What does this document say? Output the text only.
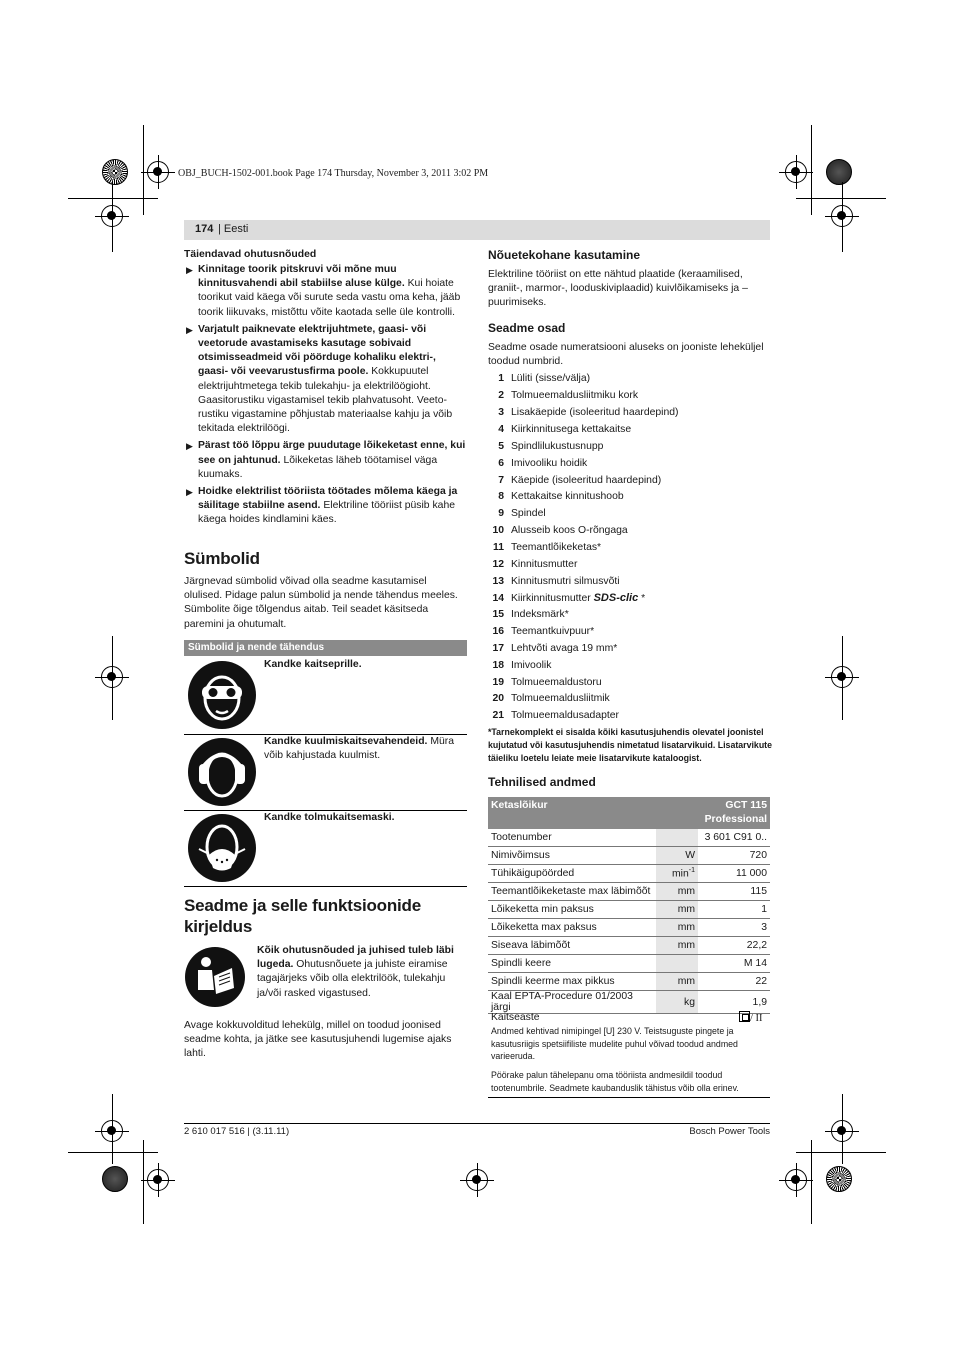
OBJ_BUCH-1502-001.book Page 174 Thursday, November 3, 2011 3:02 PM
174 | Eesti
Täiendavad ohutusnõuded
▶ Kinnitage toorik pitskruvi või mõne muu kinnitusvahendi abil stabiilse aluse külge. Kui hoiate toorikut vaid käega või surute seda vastu oma keha, jääb toorik liikuvaks, mistõttu võite kaotada selle üle kontrolli.
▶ Varjatult paiknevate elektrijuhtmete, gaasi- või veetorude avastamiseks kasutage sobivaid otsimisseadmeid või pöörduge kohaliku elektri-, gaasi- või veevarustusfirma poole. Kokkupuutel elektrijuhtmetega tekib tulekahju- ja elektrilöögioht. Gaasitorustiku vigastamisel tekib plahvatusoht. Veeto-rustiku vigastamine põhjustab materiaalse kahju ja võib tekitada elektrilöögi.
▶ Pärast töö lõppu ärge puudutage lõikeketast enne, kui see on jahtunud. Lõikeketas läheb töötamisel väga kuumaks.
▶ Hoidke elektrilist tööriista töötades mõlema käega ja säilitage stabiilne asend. Elektriline tööriist püsib kahe käega hoides kindlamini käes.
Sümbolid
Järgnevad sümbolid võivad olla seadme kasutamisel olulised. Pidage palun sümbolid ja nende tähendus meeles. Sümbolite õige tõlgendus aitab. Teil seadet käsitseda paremini ja ohutumalt.
Sümbolid ja nende tähendus
Kandke kaitseprille.
Kandke kuulmiskaitsevahendeid. Müra võib kahjustada kuulmist.
Kandke tolmukaitsemaski.
Seadme ja selle funktsioonide kirjeldus
Kõik ohutusnõuded ja juhised tuleb läbi lugeda. Ohutusnõuete ja juhiste eiramise tagajärjeks võib olla elektrilöök, tulekahju ja/või rasked vigastused.
Avage kokkuvolditud lehekülg, millel on toodud joonised seadme kohta, ja jätke see kasutusjuhendi lugemise ajaks lahti.
Nõuetekohane kasutamine
Elektriline tööriist on ette nähtud plaatide (keraamilised, graniit-, marmor-, looduskiviplaadid) kuivlõikamiseks ja – puurimiseks.
Seadme osad
Seadme osade numeratsiooni aluseks on jooniste leheküljel toodud numbrid.
1 Lüliti (sisse/välja)
2 Tolmueemaldusliitmiku kork
3 Lisakäepide (isoleeritud haardepind)
4 Kiirkinnitusega kettakaitse
5 Spindlilukustusnupp
6 Imivooliku hoidik
7 Käepide (isoleeritud haardepind)
8 Kettakaitse kinnitushoob
9 Spindel
10 Alusseib koos O-rõngaga
11 Teemantlõikeketas*
12 Kinnitusmutter
13 Kinnitusmutri silmusvõti
14 Kiirkinnitusmutter SDS-clic *
15 Indeksmärk*
16 Teemantkuivpuur*
17 Lehtvõti avaga 19 mm*
18 Imivoolik
19 Tolmueemaldustoru
20 Tolmueemaldusliitmik
21 Tolmueemaldusadapter
*Tarnekomplekt ei sisalda kõiki kasutusjuhendis olevatel joonistel kujutatud või kasutusjuhendis nimetatud lisatarvikuid. Lisatarvikute täieliku loetelu leiate meie lisatarvikute kataloogist.
Tehnilised andmed
Ketaslõikur	GCT 115
Professional
Tootenumber		3 601 C91 0..
Nimivõimsus	W	720
Tühikäigupöörded	$\min^{-1}$	11 000
Teemantlõikeketaste max läbimõõt	mm	115
Lõikeketta min paksus	mm	1
Lõikeketta max paksus	mm	3
Siseava läbimõõt	mm	22,2
Spindli keere		M 14
Spindli keerme max pikkus	mm	22
Kaal EPTA-Procedure 01/2003 järgi	kg	1,9
Kaitseaste	/ II
Andmed kehtivad nimipingel [U] 230 V. Teistsuguste pingete ja kasutusriigis spetsiifiliste mudelite puhul võivad toodud andmed varieeruda.
Pöörake palun tähelepanu oma tööriista andmesildil toodud tootenumbrile. Seadmete kaubanduslik tähistus võib olla erinev.
2 610 017 516 | (3.11.11)	Bosch Power Tools
